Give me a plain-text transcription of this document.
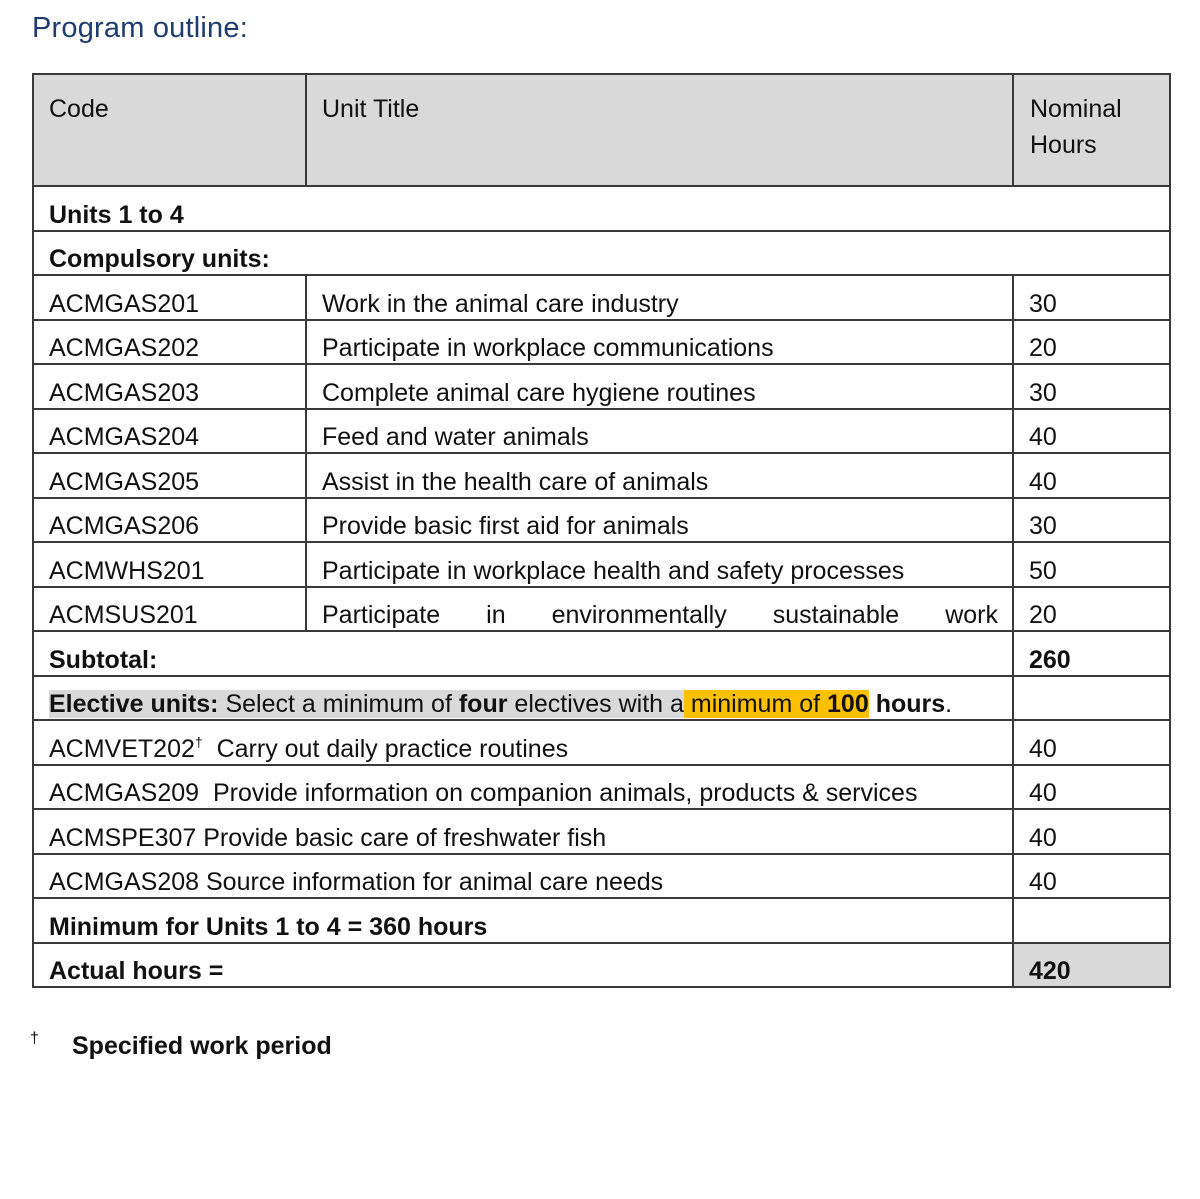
Program outline:
Code	Unit Title	Nominal Hours
Units 1 to 4		
Compulsory units:		
ACMGAS201	Work in the animal care industry	30
ACMGAS202	Participate in workplace communications	20
ACMGAS203	Complete animal care hygiene routines	30
ACMGAS204	Feed and water animals	40
ACMGAS205	Assist in the health care of animals	40
ACMGAS206	Provide basic first aid for animals	30
ACMWHS201	Participate in workplace health and safety processes	50
ACMSUS201	Participate in environmentally sustainable work	20
Subtotal:		260
Elective units: Select a minimum of four electives with a minimum of 100 hours.		
ACMVET202†  Carry out daily practice routines		40
ACMGAS209  Provide information on companion animals, products & services		40
ACMSPE307 Provide basic care of freshwater fish		40
ACMGAS208 Source information for animal care needs		40
Minimum for Units 1 to 4 = 360 hours		
Actual hours =		420
† Specified work period
